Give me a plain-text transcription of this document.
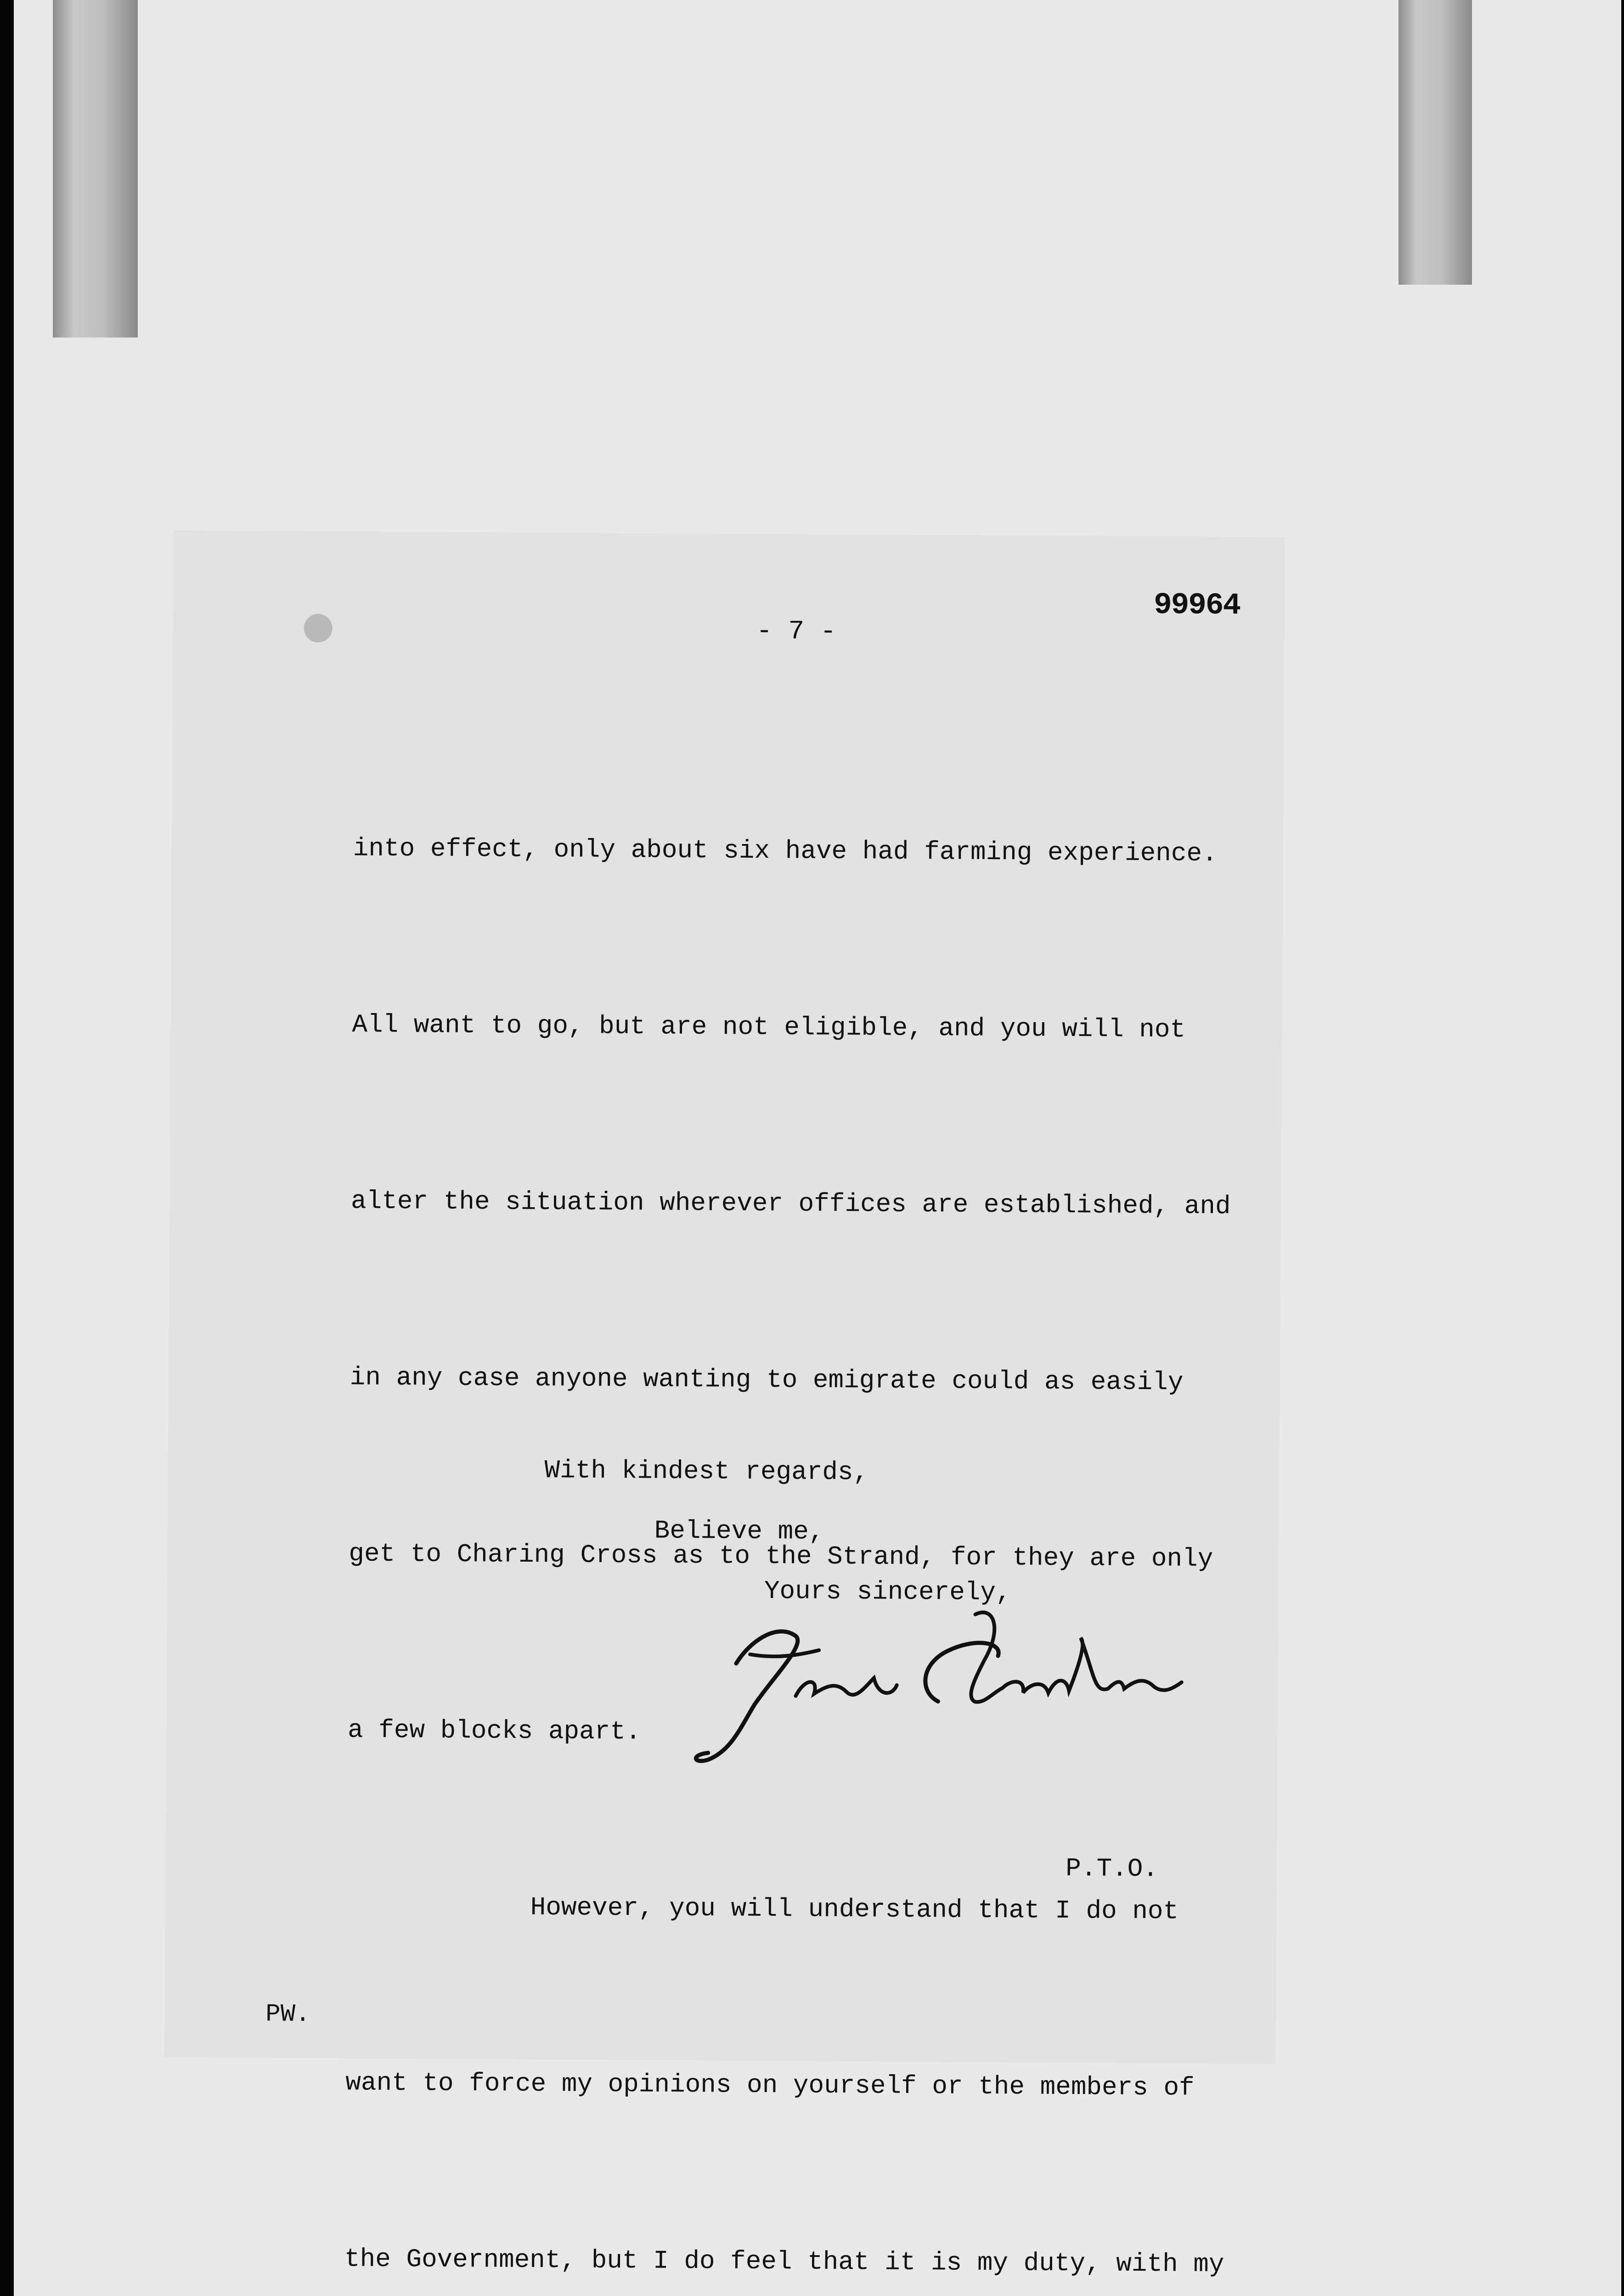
99964
- 7 -

into effect, only about six have had farming experience.

All want to go, but are not eligible, and you will not

alter the situation wherever offices are established, and

in any case anyone wanting to emigrate could as easily

get to Charing Cross as to the Strand, for they are only

a few blocks apart.

However, you will understand that I do not

want to force my opinions on yourself or the members of

the Government, but I do feel that it is my duty, with my

With kindest regards,
Believe me,
Yours sincerely,
P.T.O.
PW.
